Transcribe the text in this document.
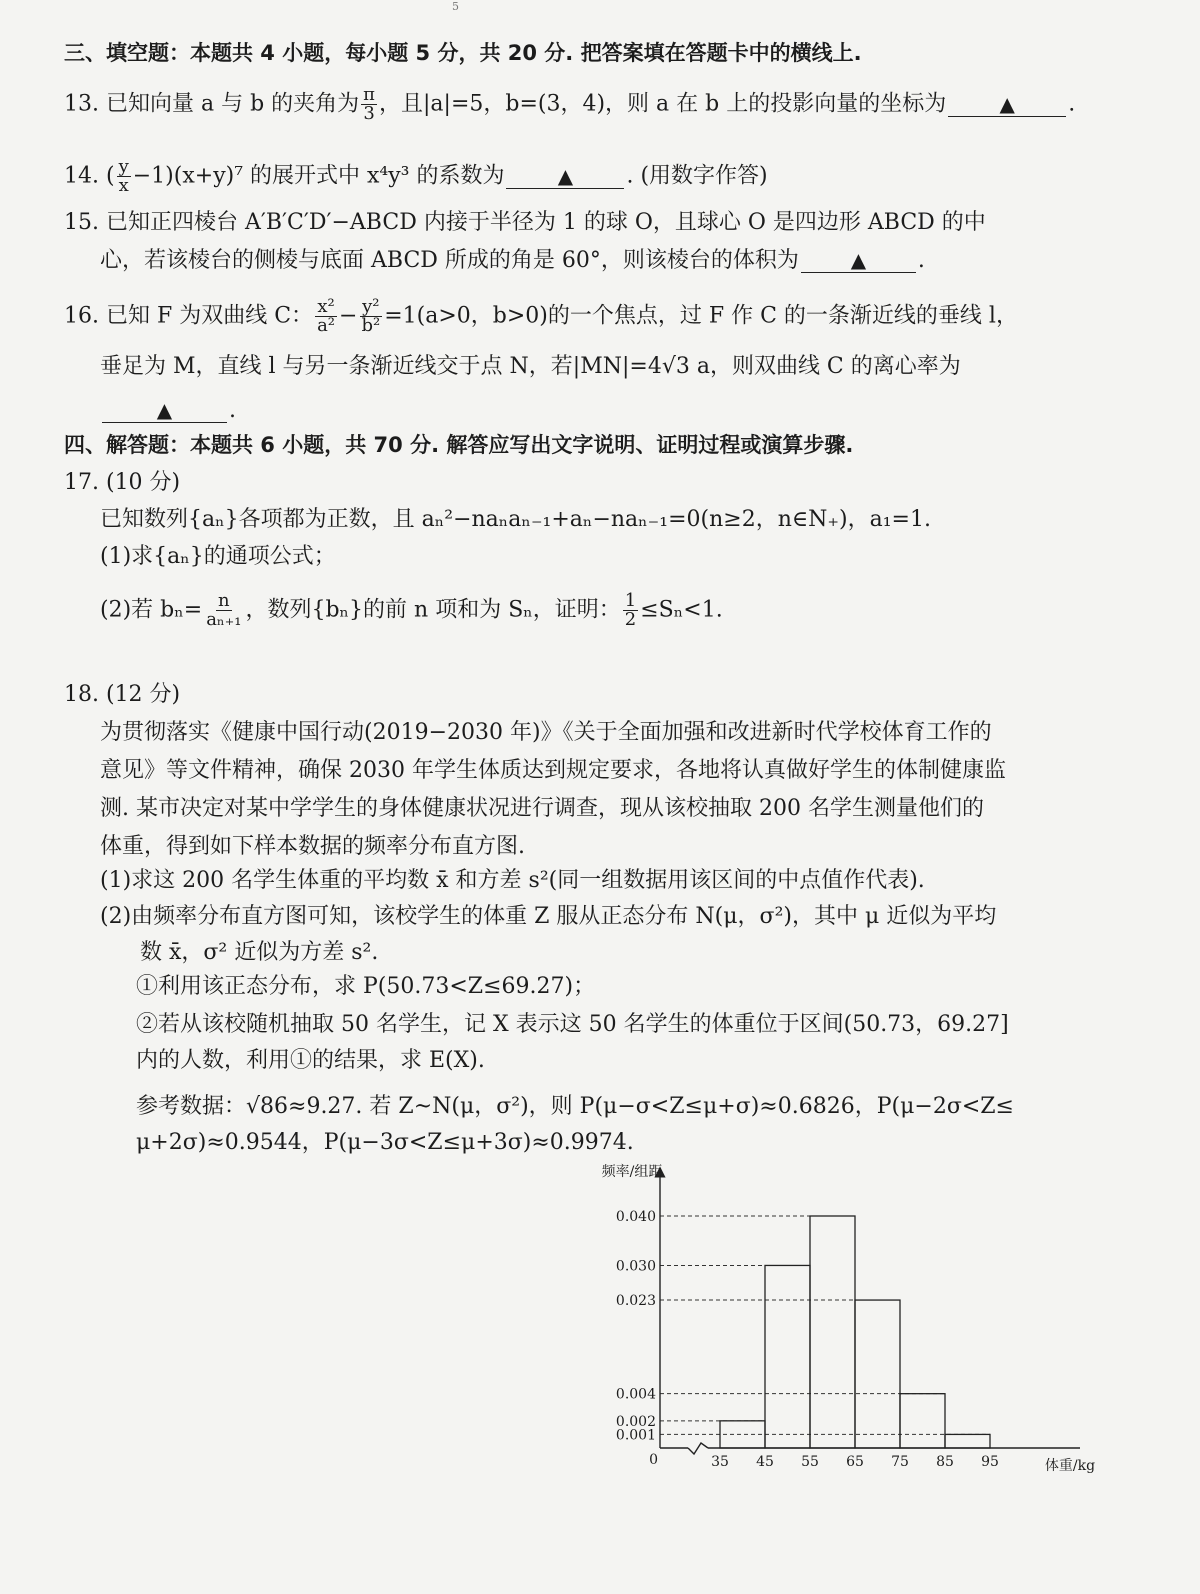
5
三、填空题：本题共 4 小题，每小题 5 分，共 20 分. 把答案填在答题卡中的横线上.
13. 已知向量 a 与 b 的夹角为 $\frac{\pi}{3}$ ，且|a|=5，b=(3，4)，则 a 在 b 上的投影向量的坐标为	▲ .
14. ( $\frac{y}{x} -1)(x+y)^7$ 的展开式中 x⁴y³ 的系数为	▲ . (用数字作答)
15. 已知正四棱台 A′B′C′D′−ABCD 内接于半径为 1 的球 O，且球心 O 是四边形 ABCD 的中
心，若该棱台的侧棱与底面 ABCD 所成的角是 60°，则该棱台的体积为	▲ .
16. 已知 F 为双曲线 C： $\frac{\text{x²}}{\text{a²}} - \frac{\text{y²}}{\text{b²}} =1(a>0$，b>0)的一个焦点，过 F 作 C 的一条渐近线的垂线 l，
垂足为 M，直线 l 与另一条渐近线交于点 N，若|MN|=4√3 a，则双曲线 C 的离心率为
▲	.
四、解答题：本题共 6 小题，共 70 分. 解答应写出文字说明、证明过程或演算步骤.
17. (10 分)
已知数列{aₙ}各项都为正数，且 aₙ²−naₙaₙ₋₁+aₙ−naₙ₋₁=0(n≥2，n∈N₊)，a₁=1.
(1)求{aₙ}的通项公式；
(2)若 $b_n= \frac{n}{\text{aₙ₊₁}}$ ，数列{bₙ}的前 n 项和为 Sₙ，证明： $\frac{1}{2} \le S_n<1$.
18. (12 分)
为贯彻落实《健康中国行动(2019−2030 年)》《关于全面加强和改进新时代学校体育工作的
意见》等文件精神，确保 2030 年学生体质达到规定要求，各地将认真做好学生的体制健康监
测. 某市决定对某中学学生的身体健康状况进行调查，现从该校抽取 200 名学生测量他们的
体重，得到如下样本数据的频率分布直方图.
(1)求这 200 名学生体重的平均数 x̄ 和方差 s²(同一组数据用该区间的中点值作代表).
(2)由频率分布直方图可知，该校学生的体重 Z 服从正态分布 N(μ，σ²)，其中 μ 近似为平均
数 x̄，σ² 近似为方差 s².
①利用该正态分布，求 P(50.73<Z≤69.27)；
②若从该校随机抽取 50 名学生，记 X 表示这 50 名学生的体重位于区间(50.73，69.27]
内的人数，利用①的结果，求 E(X).
参考数据：√86≈9.27. 若 Z~N(μ，σ²)，则 P(μ−σ<Z≤μ+σ)≈0.6826，P(μ−2σ<Z≤
μ+2σ)≈0.9544，P(μ−3σ<Z≤μ+3σ)≈0.9974.
0.040
0.030
0.023
0.004
0.002
0.001
35 45 55 65 75 85 95
0
频率/组距
体重/kg
